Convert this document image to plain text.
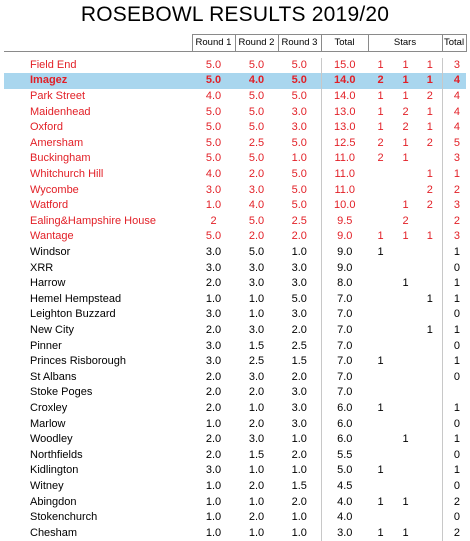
ROSEBOWL RESULTS 2019/20
	Round 1	Round 2	Round 3	Total	Stars			Total

Field End	5.0	5.0	5.0	15.0	1	1	1	3
Imagez	5.0	4.0	5.0	14.0	2	1	1	4
Park Street	4.0	5.0	5.0	14.0	1	1	2	4
Maidenhead	5.0	5.0	3.0	13.0	1	2	1	4
Oxford	5.0	5.0	3.0	13.0	1	2	1	4
Amersham	5.0	2.5	5.0	12.5	2	1	2	5
Buckingham	5.0	5.0	1.0	11.0	2	1		3
Whitchurch Hill	4.0	2.0	5.0	11.0			1	1
Wycombe	3.0	3.0	5.0	11.0			2	2
Watford	1.0	4.0	5.0	10.0		1	2	3
Ealing&Hampshire House	2	5.0	2.5	9.5		2		2
Wantage	5.0	2.0	2.0	9.0	1	1	1	3
Windsor	3.0	5.0	1.0	9.0	1			1
XRR	3.0	3.0	3.0	9.0				0
Harrow	2.0	3.0	3.0	8.0		1		1
Hemel Hempstead	1.0	1.0	5.0	7.0			1	1
Leighton Buzzard	3.0	1.0	3.0	7.0				0
New City	2.0	3.0	2.0	7.0			1	1
Pinner	3.0	1.5	2.5	7.0				0
Princes Risborough	3.0	2.5	1.5	7.0	1			1
St Albans	2.0	3.0	2.0	7.0				0
Stoke Poges	2.0	2.0	3.0	7.0				
Croxley	2.0	1.0	3.0	6.0	1			1
Marlow	1.0	2.0	3.0	6.0				0
Woodley	2.0	3.0	1.0	6.0		1		1
Northfields	2.0	1.5	2.0	5.5				0
Kidlington	3.0	1.0	1.0	5.0	1			1
Witney	1.0	2.0	1.5	4.5				0
Abingdon	1.0	1.0	2.0	4.0	1	1		2
Stokenchurch	1.0	2.0	1.0	4.0				0
Chesham	1.0	1.0	1.0	3.0	1	1		2
